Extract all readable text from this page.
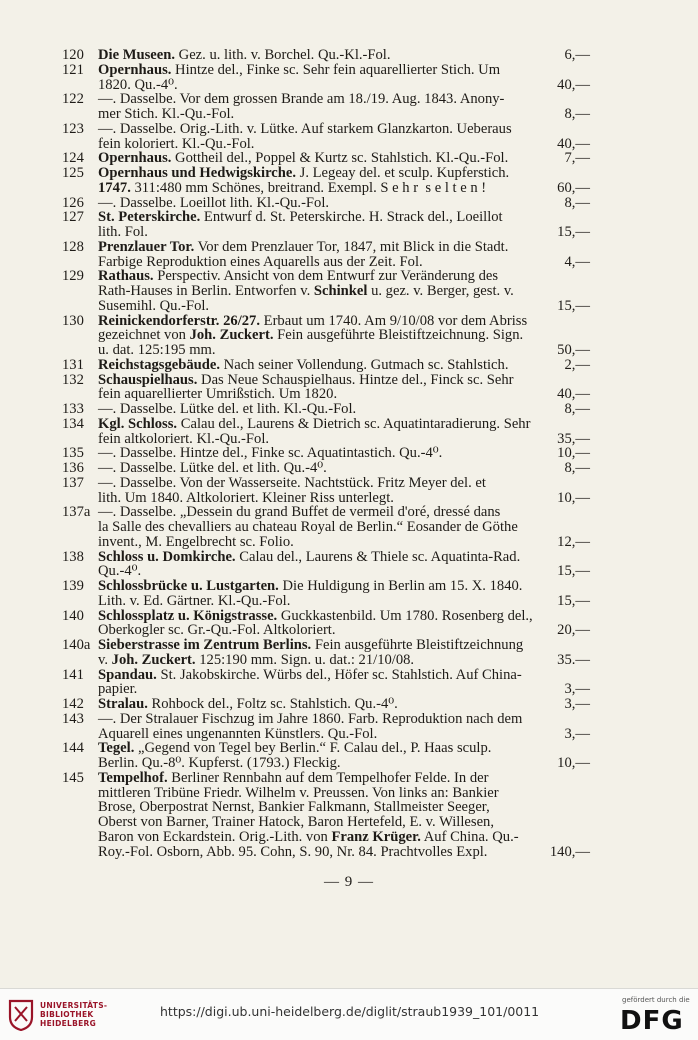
120 Die Museen. Gez. u. lith. v. Borchel. Qu.-Kl.-Fol.	6,—
121 Opernhaus. Hintze del., Finke sc. Sehr fein aquarellierter Stich. Um
1820. Qu.-4⁰.	40,—
122 —. Dasselbe. Vor dem grossen Brande am 18./19. Aug. 1843. Anony-
mer Stich. Kl.-Qu.-Fol.	8,—
123 —. Dasselbe. Orig.-Lith. v. Lütke. Auf starkem Glanzkarton. Ueberaus
fein koloriert. Kl.-Qu.-Fol.	40,—
124 Opernhaus. Gottheil del., Poppel & Kurtz sc. Stahlstich. Kl.-Qu.-Fol.	7,—
125 Opernhaus und Hedwigskirche. J. Legeay del. et sculp. Kupferstich.
1747. 311:480 mm Schönes, breitrand. Exempl. S e h r  s e l t e n !	60,—
126 —. Dasselbe. Loeillot lith. Kl.-Qu.-Fol.	8,—
127 St. Peterskirche. Entwurf d. St. Peterskirche. H. Strack del., Loeillot
lith. Fol.	15,—
128 Prenzlauer Tor. Vor dem Prenzlauer Tor, 1847, mit Blick in die Stadt.
Farbige Reproduktion eines Aquarells aus der Zeit. Fol.	4,—
129 Rathaus. Perspectiv. Ansicht von dem Entwurf zur Veränderung des
Rath-Hauses in Berlin. Entworfen v. Schinkel u. gez. v. Berger, gest. v.
Susemihl. Qu.-Fol.	15,—
130 Reinickendorferstr. 26/27. Erbaut um 1740. Am 9/10/08 vor dem Abriss
gezeichnet von Joh. Zuckert. Fein ausgeführte Bleistiftzeichnung. Sign.
u. dat. 125:195 mm.	50,—
131 Reichstagsgebäude. Nach seiner Vollendung. Gutmach sc. Stahlstich.	2,—
132 Schauspielhaus. Das Neue Schauspielhaus. Hintze del., Finck sc. Sehr
fein aquarellierter Umrißstich. Um 1820.	40,—
133 —. Dasselbe. Lütke del. et lith. Kl.-Qu.-Fol.	8,—
134 Kgl. Schloss. Calau del., Laurens & Dietrich sc. Aquatintaradierung. Sehr
fein altkoloriert. Kl.-Qu.-Fol.	35,—
135 —. Dasselbe. Hintze del., Finke sc. Aquatintastich. Qu.-4⁰.	10,—
136 —. Dasselbe. Lütke del. et lith. Qu.-4⁰.	8,—
137 —. Dasselbe. Von der Wasserseite. Nachtstück. Fritz Meyer del. et
lith. Um 1840. Altkoloriert. Kleiner Riss unterlegt.	10,—
137a —. Dasselbe. „Dessein du grand Buffet de vermeil d'oré, dressé dans
la Salle des chevalliers au chateau Royal de Berlin.“ Eosander de Göthe
invent., M. Engelbrecht sc. Folio.	12,—
138 Schloss u. Domkirche. Calau del., Laurens & Thiele sc. Aquatinta-Rad.
Qu.-4⁰.	15,—
139 Schlossbrücke u. Lustgarten. Die Huldigung in Berlin am 15. X. 1840.
Lith. v. Ed. Gärtner. Kl.-Qu.-Fol.	15,—
140 Schlossplatz u. Königstrasse. Guckkastenbild. Um 1780. Rosenberg del.,
Oberkogler sc. Gr.-Qu.-Fol. Altkoloriert.	20,—
140a Sieberstrasse im Zentrum Berlins. Fein ausgeführte Bleistiftzeichnung
v. Joh. Zuckert. 125:190 mm. Sign. u. dat.: 21/10/08.	35.—
141 Spandau. St. Jakobskirche. Würbs del., Höfer sc. Stahlstich. Auf China-
papier.	3,—
142 Stralau. Rohbock del., Foltz sc. Stahlstich. Qu.-4⁰.	3,—
143 —. Der Stralauer Fischzug im Jahre 1860. Farb. Reproduktion nach dem
Aquarell eines ungenannten Künstlers. Qu.-Fol.	3,—
144 Tegel. „Gegend von Tegel bey Berlin.“ F. Calau del., P. Haas sculp.
Berlin. Qu.-8⁰. Kupferst. (1793.) Fleckig.	10,—
145 Tempelhof. Berliner Rennbahn auf dem Tempelhofer Felde. In der
mittleren Tribüne Friedr. Wilhelm v. Preussen. Von links an: Bankier
Brose, Oberpostrat Nernst, Bankier Falkmann, Stallmeister Seeger,
Oberst von Barner, Trainer Hatock, Baron Hertefeld, E. v. Willesen,
Baron von Eckardstein. Orig.-Lith. von Franz Krüger. Auf China. Qu.-
Roy.-Fol. Osborn, Abb. 95. Cohn, S. 90, Nr. 84. Prachtvolles Expl.	140,—
— 9 —
UNIVERSITÄTS-
BIBLIOTHEK
HEIDELBERG
https://digi.ub.uni-heidelberg.de/diglit/straub1939_101/0011
gefördert durch die
DFG
